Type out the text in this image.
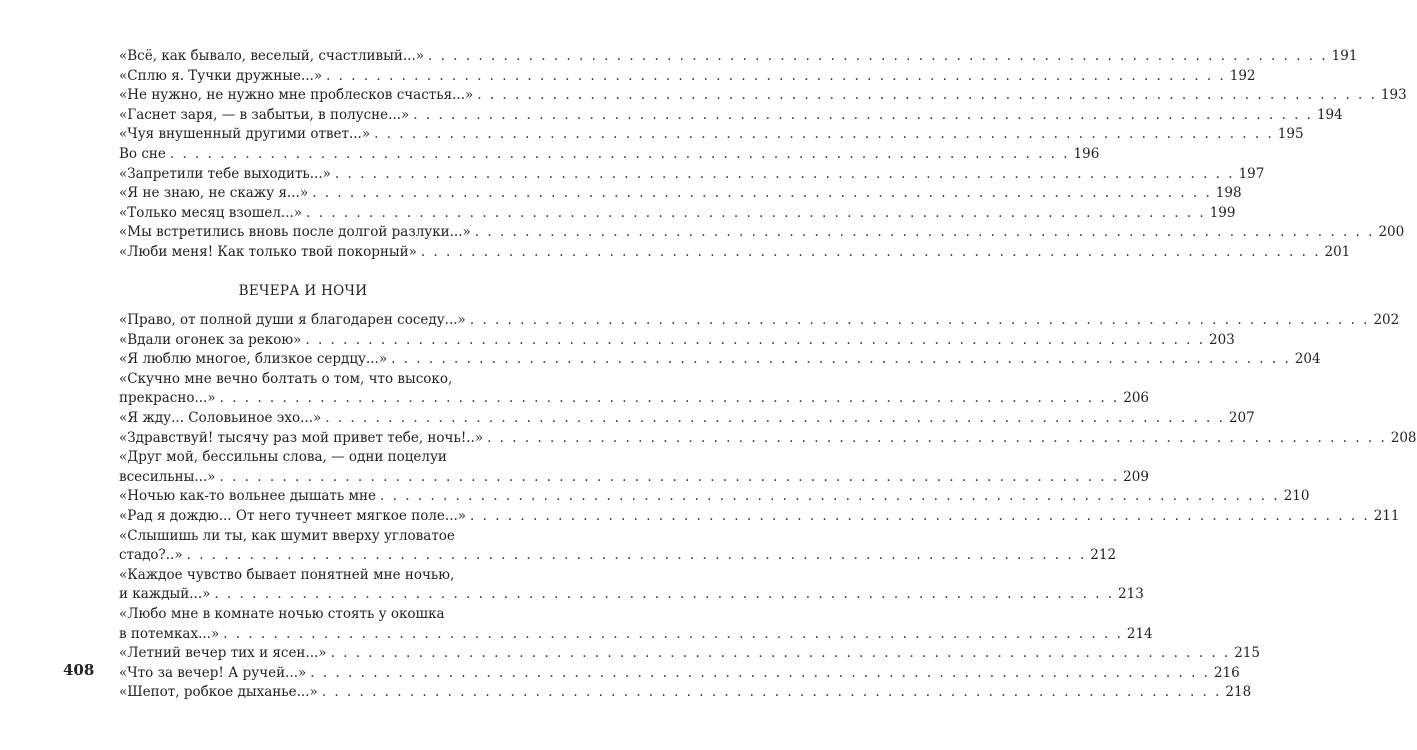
«Всё, как бывало, веселый, счастливый...» . . .	191
«Сплю я. Тучки дружные...» . . .	192
«Не нужно, не нужно мне проблесков счастья...» . . .	193
«Гаснет заря, — в забытьи, в полусне...» . . .	194
«Чуя внушенный другими ответ...» . . .	195
Во сне . . .	196
«Запретили тебе выходить...» . . .	197
«Я не знаю, не скажу я...» . . .	198
«Только месяц взошел...» . . .	199
«Мы встретились вновь после долгой разлуки...» . . .	200
«Люби меня! Как только твой покорный» . . .	201
ВЕЧЕРА И НОЧИ
«Право, от полной души я благодарен соседу...» . . .	202
«Вдали огонек за рекою» . . .	203
«Я люблю многое, близкое сердцу...» . . .	204
«Скучно мне вечно болтать о том, что высоко,
прекрасно...» . . .	206
«Я жду... Соловьиное эхо...» . . .	207
«Здравствуй! тысячу раз мой привет тебе, ночь!..» . . .	208
«Друг мой, бессильны слова, — одни поцелуи
всесильны...» . . .	209
«Ночью как-то вольнее дышать мне . . .	210
«Рад я дождю... От него тучнеет мягкое поле...» . . .	211
«Слышишь ли ты, как шумит вверху угловатое
стадо?..» . . .	212
«Каждое чувство бывает понятней мне ночью,
и каждый...» . . .	213
«Любо мне в комнате ночью стоять у окошка
в потемках...» . . .	214
«Летний вечер тих и ясен...» . . .	215
«Что за вечер! А ручей...» . . .	216
«Шепот, робкое дыханье...» . . .	218
408
